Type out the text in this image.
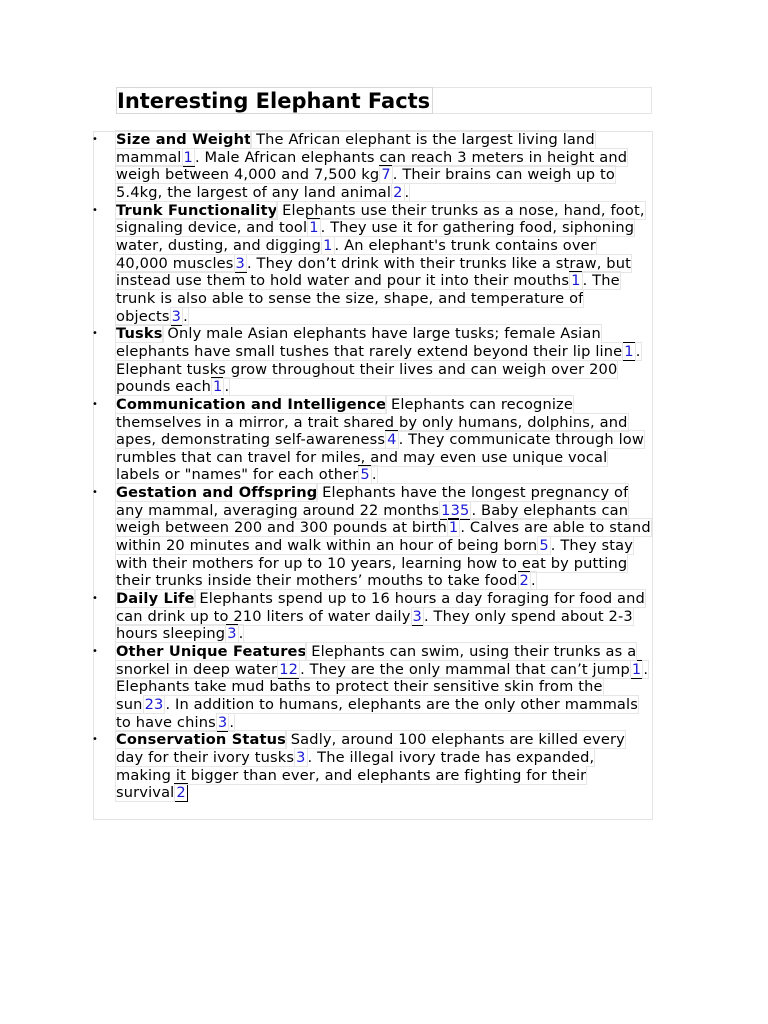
Interesting Elephant Facts
• Size and Weight The African elephant is the largest living land mammal 1 . Male African elephants can reach 3 meters in height and weigh between 4,000 and 7,500 kg 7 . Their brains can weigh up to 5.4kg, the largest of any land animal 2 .
• Trunk Functionality Elephants use their trunks as a nose, hand, foot, signaling device, and tool 1 . They use it for gathering food, siphoning water, dusting, and digging 1 . An elephant's trunk contains over 40,000 muscles 3 . They don’t drink with their trunks like a straw, but instead use them to hold water and pour it into their mouths 1 . The trunk is also able to sense the size, shape, and temperature of objects 3 .
• Tusks Only male Asian elephants have large tusks; female Asian elephants have small tushes that rarely extend beyond their lip line 1 . Elephant tusks grow throughout their lives and can weigh over 200 pounds each 1 .
• Communication and Intelligence Elephants can recognize themselves in a mirror, a trait shared by only humans, dolphins, and apes, demonstrating self-awareness 4 . They communicate through low rumbles that can travel for miles, and may even use unique vocal labels or "names" for each other 5 .
• Gestation and Offspring Elephants have the longest pregnancy of any mammal, averaging around 22 months 135 . Baby elephants can weigh between 200 and 300 pounds at birth 1 . Calves are able to stand within 20 minutes and walk within an hour of being born 5 . They stay with their mothers for up to 10 years, learning how to eat by putting their trunks inside their mothers’ mouths to take food 2 .
• Daily Life Elephants spend up to 16 hours a day foraging for food and can drink up to 210 liters of water daily 3 . They only spend about 2-3 hours sleeping 3 .
• Other Unique Features Elephants can swim, using their trunks as a snorkel in deep water 12 . They are the only mammal that can’t jump 1 . Elephants take mud baths to protect their sensitive skin from the sun 23 . In addition to humans, elephants are the only other mammals to have chins 3 .
• Conservation Status Sadly, around 100 elephants are killed every day for their ivory tusks 3 . The illegal ivory trade has expanded, making it bigger than ever, and elephants are fighting for their survival 2
